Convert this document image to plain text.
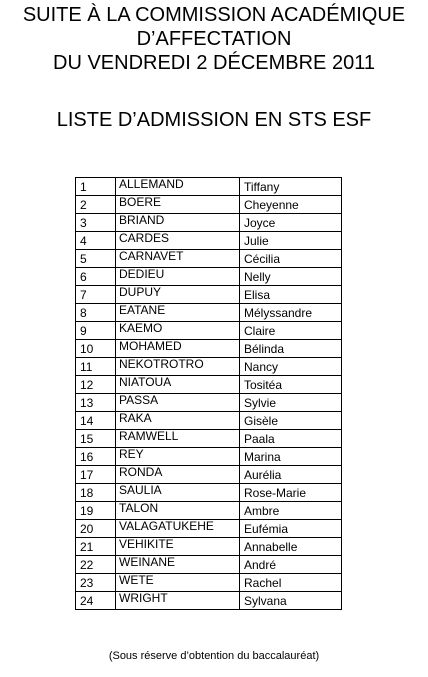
SUITE À LA COMMISSION ACADÉMIQUE
D’AFFECTATION
DU VENDREDI 2 DÉCEMBRE 2011
LISTE D’ADMISSION EN STS ESF
1	ALLEMAND	Tiffany
2	BOERE	Cheyenne
3	BRIAND	Joyce
4	CARDES	Julie
5	CARNAVET	Cécilia
6	DEDIEU	Nelly
7	DUPUY	Elisa
8	EATANE	Mélyssandre
9	KAEMO	Claire
10	MOHAMED	Bélinda
11	NEKOTROTRO	Nancy
12	NIATOUA	Tositéa
13	PASSA	Sylvie
14	RAKA	Gisèle
15	RAMWELL	Paala
16	REY	Marina
17	RONDA	Aurélia
18	SAULIA	Rose-Marie
19	TALON	Ambre
20	VALAGATUKEHE	Eufémia
21	VEHIKITE	Annabelle
22	WEINANE	André
23	WETE	Rachel
24	WRIGHT	Sylvana
(Sous réserve d’obtention du baccalauréat)
